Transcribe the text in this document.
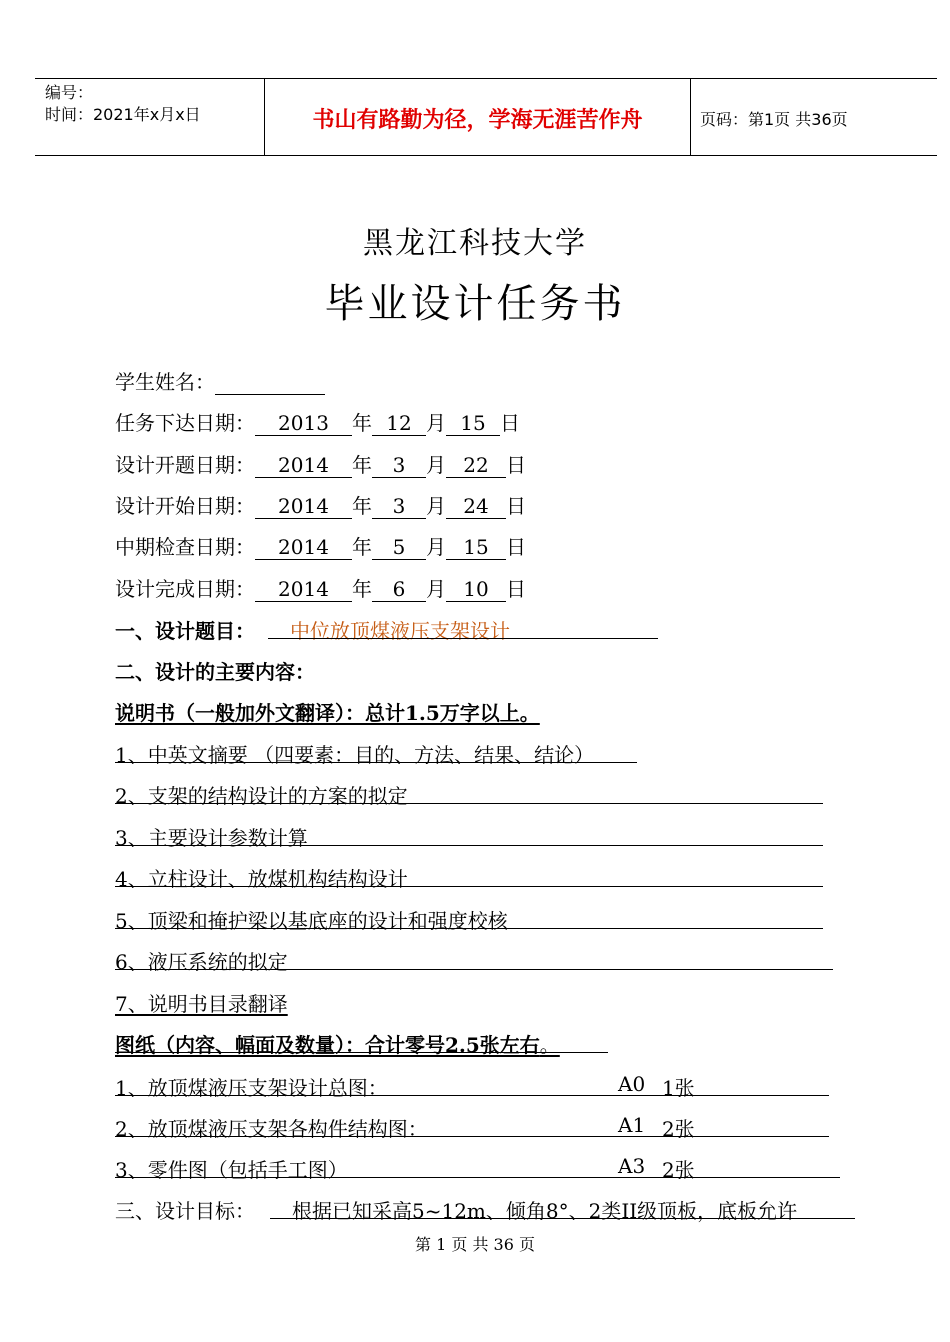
编号：
时间：2021年x月x日	书山有路勤为径，学海无涯苦作舟	页码：第1页 共36页
黑龙江科技大学
毕业设计任务书
学生姓名：
任务下达日期： 2013 年 12 月 15 日
设计开题日期： 2014 年 3 月 22 日
设计开始日期： 2014 年 3 月 24 日
中期检查日期： 2014 年 5 月 15 日
设计完成日期： 2014 年 6 月 10 日
一、设计题目： 中位放顶煤液压支架设计
二、设计的主要内容：
说明书（一般加外文翻译）：总计1.5万字以上。
1、中英文摘要 （四要素：目的、方法、结果、结论）
2、支架的结构设计的方案的拟定
3、主要设计参数计算
4、立柱设计、放煤机构结构设计
5、顶梁和掩护梁以基底座的设计和强度校核
6、液压系统的拟定
7、说明书目录翻译
图纸（内容、幅面及数量）：合计零号2.5张左右。
1、放顶煤液压支架设计总图：	A0 1张
2、放顶煤液压支架各构件结构图：	A1 2张
3、零件图（包括手工图）	A3 2张
三、设计目标： 根据已知采高5~12m、倾角8°、2类II级顶板，底板允许
第 1 页 共 36 页
